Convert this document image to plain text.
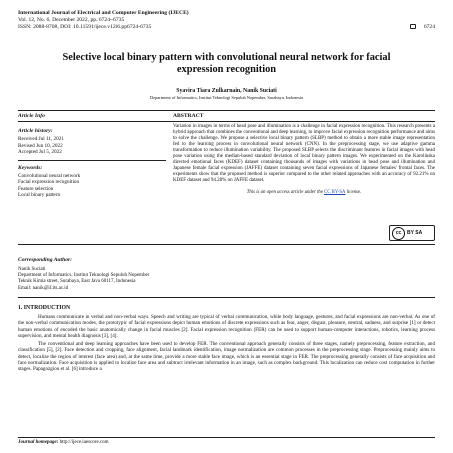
International Journal of Electrical and Computer Engineering (IJECE)
Vol. 12, No. 6, December 2022, pp. 6724~6735
ISSN: 2088-8708, DOI: 10.11591/ijece.v12i6.pp6724-6735	6724
Selective local binary pattern with convolutional neural network for facial expression recognition
Syavira Tiara Zulkarnain, Nanik Suciati
Department of Informatics, Institut Teknologi Sepuluh Nopember, Surabaya, Indonesia
Article Info
Article history:
Received Jul 11, 2021
Revised Jun 10, 2022
Accepted Jul 5, 2022
Keywords:
Convolutional neural network
Facial expression recognition
Feature selection
Local binary pattern
ABSTRACT
Variation in images in terms of head pose and illumination is a challenge in facial expression recognition. This research presents a hybrid approach that combines the conventional and deep learning, to improve facial expression recognition performance and aims to solve the challenge. We propose a selective local binary pattern (SLBP) method to obtain a more stable image representation fed to the learning process in convolutional neural network (CNN). In the preprocessing stage, we use adaptive gamma transformation to reduce illumination variability. The proposed SLBP selects the discriminant features in facial images with head pose variation using the median-based standard deviation of local binary pattern images. We experimented on the Karolinska directed emotional faces (KDEF) dataset containing thousands of images with variations in head pose and illumination and Japanese female facial expression (JAFFE) dataset containing seven facial expressions of Japanese females' frontal faces. The experiments show that the proposed method is superior compared to the other related approaches with an accuracy of 92.21% on KDEF dataset and 94.28% on JAFFE dataset.
This is an open access article under the CC BY-SA license.
cc	BY SA
Corresponding Author:
Nanik Suciati
Department of Informatics, Institut Teknologi Sepuluh Nopember
Teknik Kimia street, Surabaya, East Java 60117, Indonesia
Email: nanik@if.its.ac.id
1. INTRODUCTION

Humans communicate in verbal and non-verbal ways. Speech and writing are typical of verbal communication, while body language, gestures, and facial expressions are non-verbal. As one of the non-verbal communication modes, the prototypic of facial expressions depict human emotions of discrete expressions such as fear, anger, disgust, pleasure, neutral, sadness, and surprise [1] or detect human emotions of encoded the basic anatomically change in facial muscles [2]. Facial expression recognition (FER) can be used to support human-computer interactions, robotics, learning process supervision, and mental health diagnosis [3], [4].

The conventional and deep learning approaches have been used to develop FER. The conventional approach generally consists of three stages, namely preprocessing, feature extraction, and classification [5], [2]. Face detection and cropping, face alignment, facial landmark identification, image normalization are common processes in the preprocessing stage. Preprocessing mainly aims to detect, localize the region of interest (face area) and, at the same time, provide a more stable face image, which is an essential stage in FER. The preprocessing generally consists of face acquisition and face normalization. Face acquisition is applied to localize face area and subtract irrelevant information in an image, such as complex background. This localization can reduce cost computation in further stages. Papagozgiou et al. [6] introduce a

Journal homepage: http://ijece.iaescore.com
